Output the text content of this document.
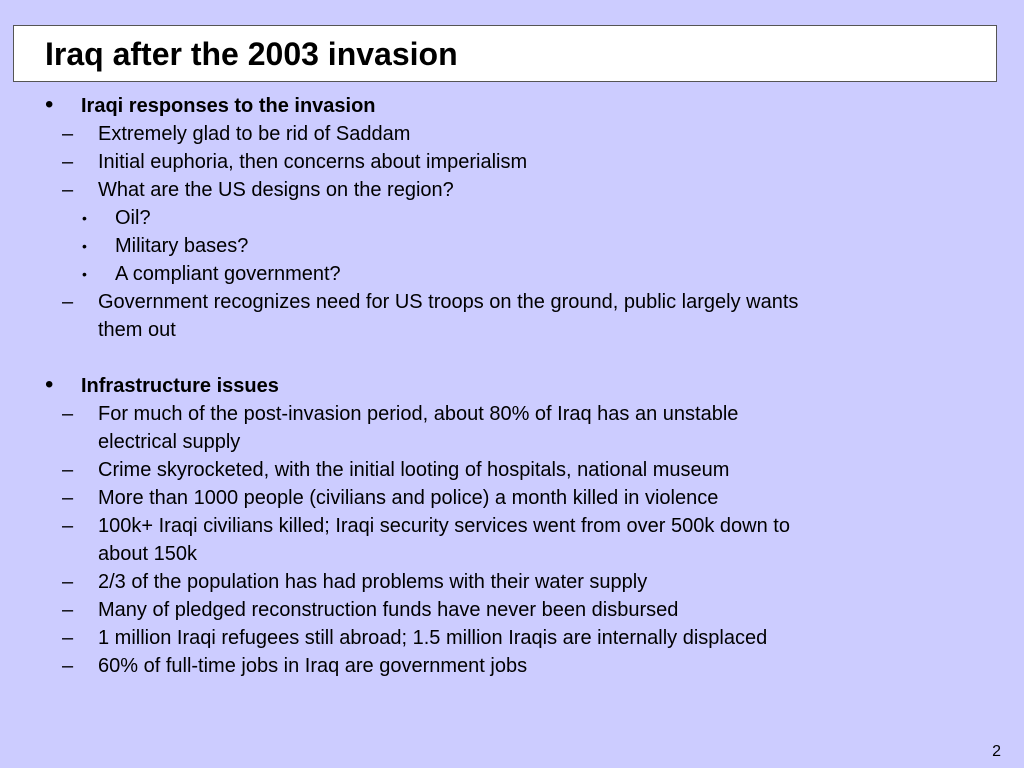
Iraq after the 2003 invasion
• Iraqi responses to the invasion
– Extremely glad to be rid of Saddam
– Initial euphoria, then concerns about imperialism
– What are the US designs on the region?
• Oil?
• Military bases?
• A compliant government?
– Government recognizes need for US troops on the ground, public largely wants
them out
• Infrastructure issues
– For much of the post-invasion period, about 80% of Iraq has an unstable
electrical supply
– Crime skyrocketed, with the initial looting of hospitals, national museum
– More than 1000 people (civilians and police) a month killed in violence
– 100k+ Iraqi civilians killed; Iraqi security services went from over 500k down to
about 150k
– 2/3 of the population has had problems with their water supply
– Many of pledged reconstruction funds have never been disbursed
– 1 million Iraqi refugees still abroad; 1.5 million Iraqis are internally displaced
– 60% of full-time jobs in Iraq are government jobs
2
